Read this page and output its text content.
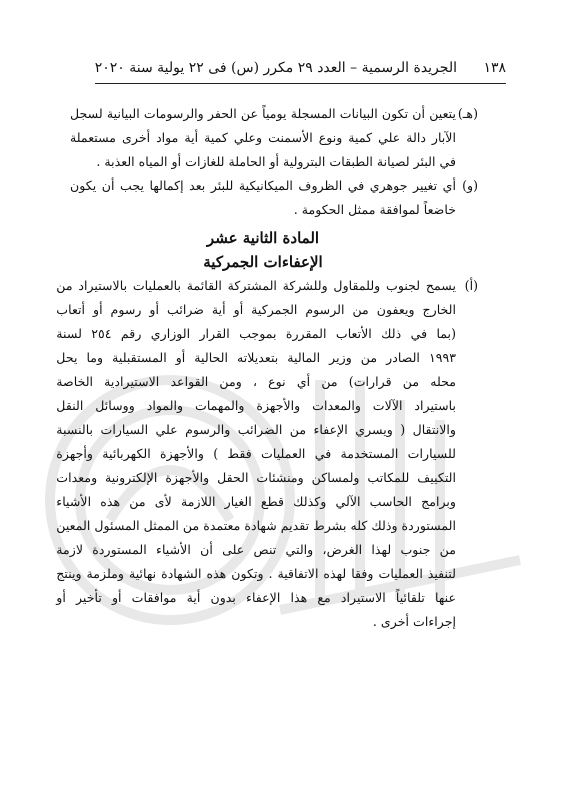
١٣٨ الجريدة الرسمية – العدد ٢٩ مكرر (س) فى ٢٢ يولية سنة ٢٠٢٠
(هـ)
يتعين أن تكون البيانات المسجلة يومياً عن الحفر والرسومات البيانية لسجل
الآبار دالة علي كمية ونوع الأسمنت وعلي كمية أية مواد أخرى مستعملة
في البئر لصيانة الطبقات البترولية أو الحاملة للغازات أو المياه العذبة .
(و)
أي تغيير جوهري في الظروف الميكانيكية للبئر بعد إكمالها يجب أن يكون
خاضعاً لموافقة ممثل الحكومة .
المادة الثانية عشر
الإعفاءات الجمركية
(أ)
يسمح لجنوب وللمقاول وللشركة المشتركة القائمة بالعمليات بالاستيراد من
الخارج ويعفون من الرسوم الجمركية أو أية ضرائب أو رسوم أو أتعاب
(بما في ذلك الأتعاب المقررة بموجب القرار الوزاري رقم ٢٥٤ لسنة
١٩٩٣ الصادر من وزير المالية بتعديلاته الحالية أو المستقبلية وما يحل
محله من قرارات) من أي نوع ، ومن القواعد الاستيرادية الخاصة
باستيراد الآلات والمعدات والأجهزة والمهمات والمواد ووسائل النقل
والانتقال ( ويسري الإعفاء من الضرائب والرسوم علي السيارات بالنسبة
للسيارات المستخدمة في العمليات فقط ) والأجهزة الكهربائية وأجهزة
التكييف للمكاتب ولمساكن ومنشئات الحقل والأجهزة الإلكترونية ومعدات
وبرامج الحاسب الآلي وكذلك قطع الغيار اللازمة لأى من هذه الأشياء
المستوردة وذلك كله بشرط تقديم شهادة معتمدة من الممثل المسئول المعين
من جنوب لهذا الغرض، والتي تنص على أن الأشياء المستوردة لازمة
لتنفيذ العمليات وفقا لهذه الاتفاقية . وتكون هذه الشهادة نهائية وملزمة وينتج
عنها تلقائياً الاستيراد مع هذا الإعفاء بدون أية موافقات أو تأخير أو
إجراءات أخرى .
